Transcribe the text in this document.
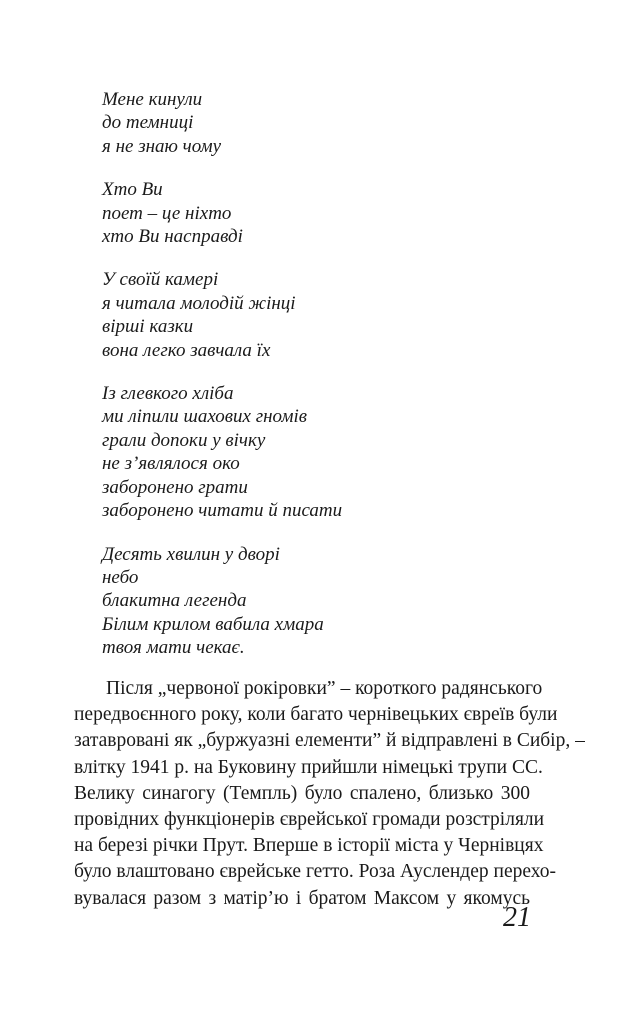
Мене кинули
до темниці
я не знаю чому
Хто Ви
поет – це ніхто
хто Ви насправді
У своїй камері
я читала молодій жінці
вірші казки
вона легко завчала їх
Із глевкого хліба
ми ліпили шахових гномів
грали допоки у вічку
не з’являлося око
заборонено грати
заборонено читати й писати
Десять хвилин у дворі
небо
блакитна легенда
Білим крилом вабила хмара
твоя мати чекає.
Після „червоної рокіровки” – короткого радянського
передвоєнного року, коли багато чернівецьких євреїв були
затавровані як „буржуазні елементи” й відправлені в Сибір, –
влітку 1941 р. на Буковину прийшли німецькі трупи СС.
Велику синагогу (Темпль) було спалено, близько 300
провідних функціонерів єврейської громади розстріляли
на березі річки Прут. Вперше в історії міста у Чернівцях
було влаштовано єврейське гетто. Роза Ауслендер перехо-
вувалася разом з матір’ю і братом Максом у якомусь
21
